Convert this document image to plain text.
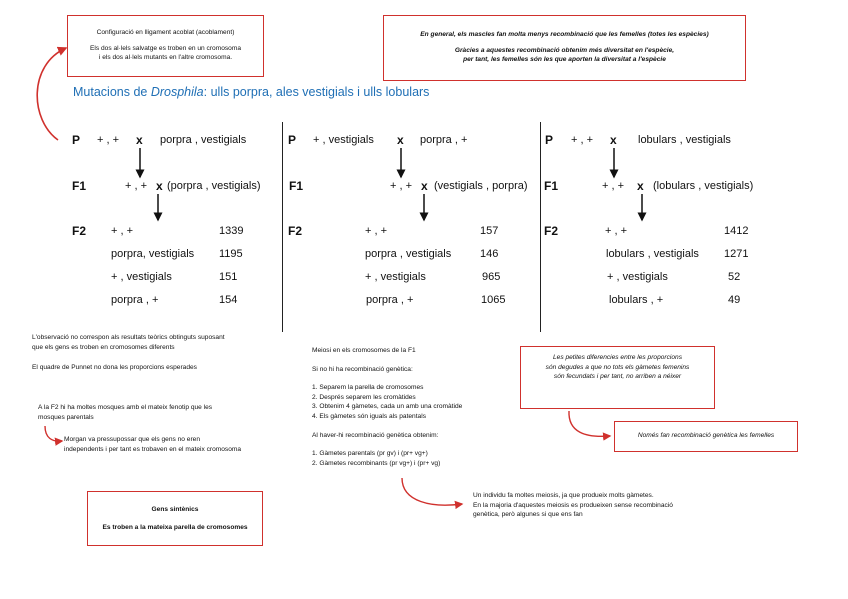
Configuració en lligament acoblat (acoblament)
Els dos al·lels salvatge es troben en un cromosoma
i els dos al·lels mutants en l'altre cromosoma.
En general, els mascles fan molta menys recombinació que les femelles (totes les espècies)
Gràcies a aquestes recombinació obtenim més diversitat en l'espècie,
per tant, les femelles són les que aporten la diversitat a l'espècie
Mutacions de Drosphila: ulls porpra, ales vestigials i ulls lobulars
P + , + x porpra , vestigials
F1	+ , + x (porpra , vestigials)
F2 + , +	1339
porpra, vestigials 1195
+ , vestigials	151
porpra , +	154
P + , vestigials x porpra , +
F1	+ , + x (vestigials , porpra)
F2	+ , +	157
porpra , vestigials	146
+ , vestigials	965
porpra , +	1065
P + , + x lobulars , vestigials
F1	+ , + x (lobulars , vestigials)
F2	+ , +	1412
lobulars , vestigials 1271
+ , vestigials	52
lobulars , +	49
L'observació no correspon als resultats teòrics obtinguts suposant
que els gens es troben en cromosomes diferents
El quadre de Punnet no dona les proporcions esperades
A la F2 hi ha moltes mosques amb el mateix fenotip que les
mosques parentals
Morgan va pressupossar que els gens no eren
independents i per tant es trobaven en el mateix cromosoma
Gens sintènics
Es troben a la mateixa parella de cromosomes
Meiosi en els cromosomes de la F1
Si no hi ha recombinació genètica:
1. Separem la parella de cromosomes
2. Després separem les cromàtides
3. Obtenim 4 gàmetes, cada un amb una cromàtide
4. Els gàmetes són iguals als patentals
Al haver-hi recombinació genètica obtenim:
1. Gàmetes parentals (pr gv) i (pr+ vg+)
2. Gàmetes recombinants (pr vg+) i (pr+ vg)
Les petites diferencies entre les proporcions
són degudes a que no tots els gàmetes femenins
són fecundats i per tant, no arriben a néixer
Només fan recombinació genètica les femelles
Un individu fa moltes meiosis, ja que produeix molts gàmetes.
En la majoria d'aquestes meiosis es produeixen sense recombinació
genètica, però algunes si que ens fan
